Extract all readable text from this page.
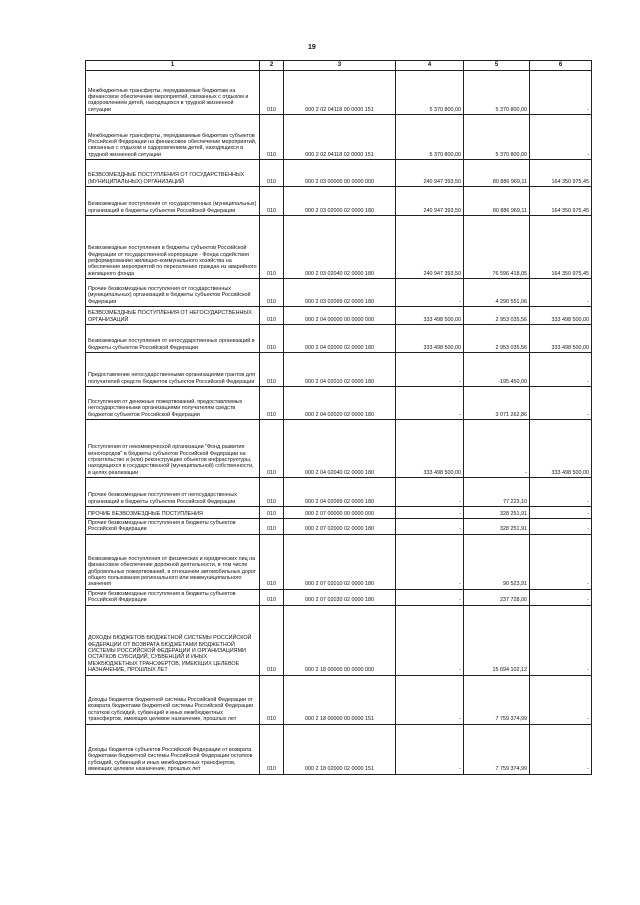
19
1	2	3	4	5	6
Межбюджетные трансферты, передаваемые бюджетам на финансовое обеспечение мероприятий, связанных с отдыхом и оздоровлением детей, находящихся в трудной жизненной ситуации	010	000 2 02 04118 00 0000 151	5 370 800,00	5 370 800,00	-
Межбюджетные трансферты, передаваемые бюджетам субъектов Российской Федерации на финансовое обеспечение мероприятий, связанных с отдыхом и оздоровлением детей, находящихся в трудной жизненной ситуации	010	000 2 02 04118 02 0000 151	5 370 800,00	5 370 800,00	-
БЕЗВОЗМЕЗДНЫЕ ПОСТУПЛЕНИЯ ОТ ГОСУДАРСТВЕННЫХ (МУНИЦИПАЛЬНЫХ) ОРГАНИЗАЦИЙ	010	000 2 03 00000 00 0000 000	240 947 393,50	80 886 969,11	164 350 975,45
Безвозмездные поступления от государственных (муниципальных) организаций в бюджеты субъектов Российской Федерации	010	000 2 03 02000 02 0000 180	240 947 393,50	80 886 969,11	164 350 975,45
Безвозмездные поступления в бюджеты субъектов Российской Федерации от государственной корпорации - Фонда содействия реформированию жилищно-коммунального хозяйства на обеспечение мероприятий по переселению граждан из аварийного жилищного фонда	010	000 2 03 02040 02 0000 180	240 947 393,50	76 596 418,05	164 350 975,45
Прочие безвозмездные поступления от государственных (муниципальных) организаций в бюджеты субъектов Российской Федерации	010	000 2 03 02099 02 0000 180	-	4 290 551,06	-
БЕЗВОЗМЕЗДНЫЕ ПОСТУПЛЕНИЯ ОТ НЕГОСУДАРСТВЕННЫХ ОРГАНИЗАЦИЙ	010	000 2 04 00000 00 0000 000	333 498 500,00	2 953 035,56	333 498 500,00
Безвозмездные поступления от негосударственных организаций в бюджеты субъектов Российской Федерации	010	000 2 04 02000 02 0000 180	333 498 500,00	2 953 035,56	333 498 500,00
Предоставление негосударственными организациями грантов для получателей средств бюджетов субъектов Российской Федерации	010	000 2 04 02010 02 0000 180	-	-195 450,00	-
Поступления от денежных пожертвований, предоставляемых негосударственными организациями получателям средств бюджетов субъектов Российской Федерации	010	000 2 04 02020 02 0000 180	-	3 071 262,86	-
Поступления от некоммерческой организации "Фонд развития моногородов" в бюджеты субъектов Российской Федерации на строительство и (или) реконструкцию объектов инфраструктуры, находящихся в государственной (муниципальной) собственности, в целях реализации	010	000 2 04 02040 02 0000 180	333 498 500,00	-	333 498 500,00
Прочие безвозмездные поступления от негосударственных организаций в бюджеты субъектов Российской Федерации	010	000 2 04 02099 02 0000 180	-	77 223,10	-
ПРОЧИЕ БЕЗВОЗМЕЗДНЫЕ ПОСТУПЛЕНИЯ	010	000 2 07 00000 00 0000 000	-	328 251,91	-
Прочие безвозмездные поступления в бюджеты субъектов Российской Федерации	010	000 2 07 02000 02 0000 180	-	328 251,91	-
Безвозмездные поступления от физических и юридических лиц на финансовое обеспечение дорожной деятельности, в том числе добровольных пожертвований, в отношении автомобильных дорог общего пользования регионального или межмуниципального значения	010	000 2 07 02010 02 0000 180	-	90 523,91	-
Прочие безвозмездные поступления в бюджеты субъектов Российской Федерации	010	000 2 07 02030 02 0000 180	-	237 728,00	-
ДОХОДЫ БЮДЖЕТОВ БЮДЖЕТНОЙ СИСТЕМЫ РОССИЙСКОЙ ФЕДЕРАЦИИ ОТ ВОЗВРАТА БЮДЖЕТАМИ БЮДЖЕТНОЙ СИСТЕМЫ РОССИЙСКОЙ ФЕДЕРАЦИИ И ОРГАНИЗАЦИЯМИ ОСТАТКОВ СУБСИДИЙ, СУБВЕНЦИЙ И ИНЫХ МЕЖБЮДЖЕТНЫХ ТРАНСФЕРТОВ, ИМЕЮЩИХ ЦЕЛЕВОЕ НАЗНАЧЕНИЕ, ПРОШЛЫХ ЛЕТ	010	000 2 18 00000 00 0000 000	-	15 694 102,12	-
Доходы бюджетов бюджетной системы Российской Федерации от возврата бюджетами бюджетной системы Российской Федерации остатков субсидий, субвенций и иных межбюджетных трансфертов, имеющих целевое назначение, прошлых лет	010	000 2 18 00000 00 0000 151	-	7 759 374,99	-
Доходы бюджетов субъектов Российской Федерации от возврата бюджетами бюджетной системы Российской Федерации остатков субсидий, субвенций и иных межбюджетных трансфертов, имеющих целевое назначение, прошлых лет	010	000 2 18 02000 02 0000 151	-	7 759 374,99	-
